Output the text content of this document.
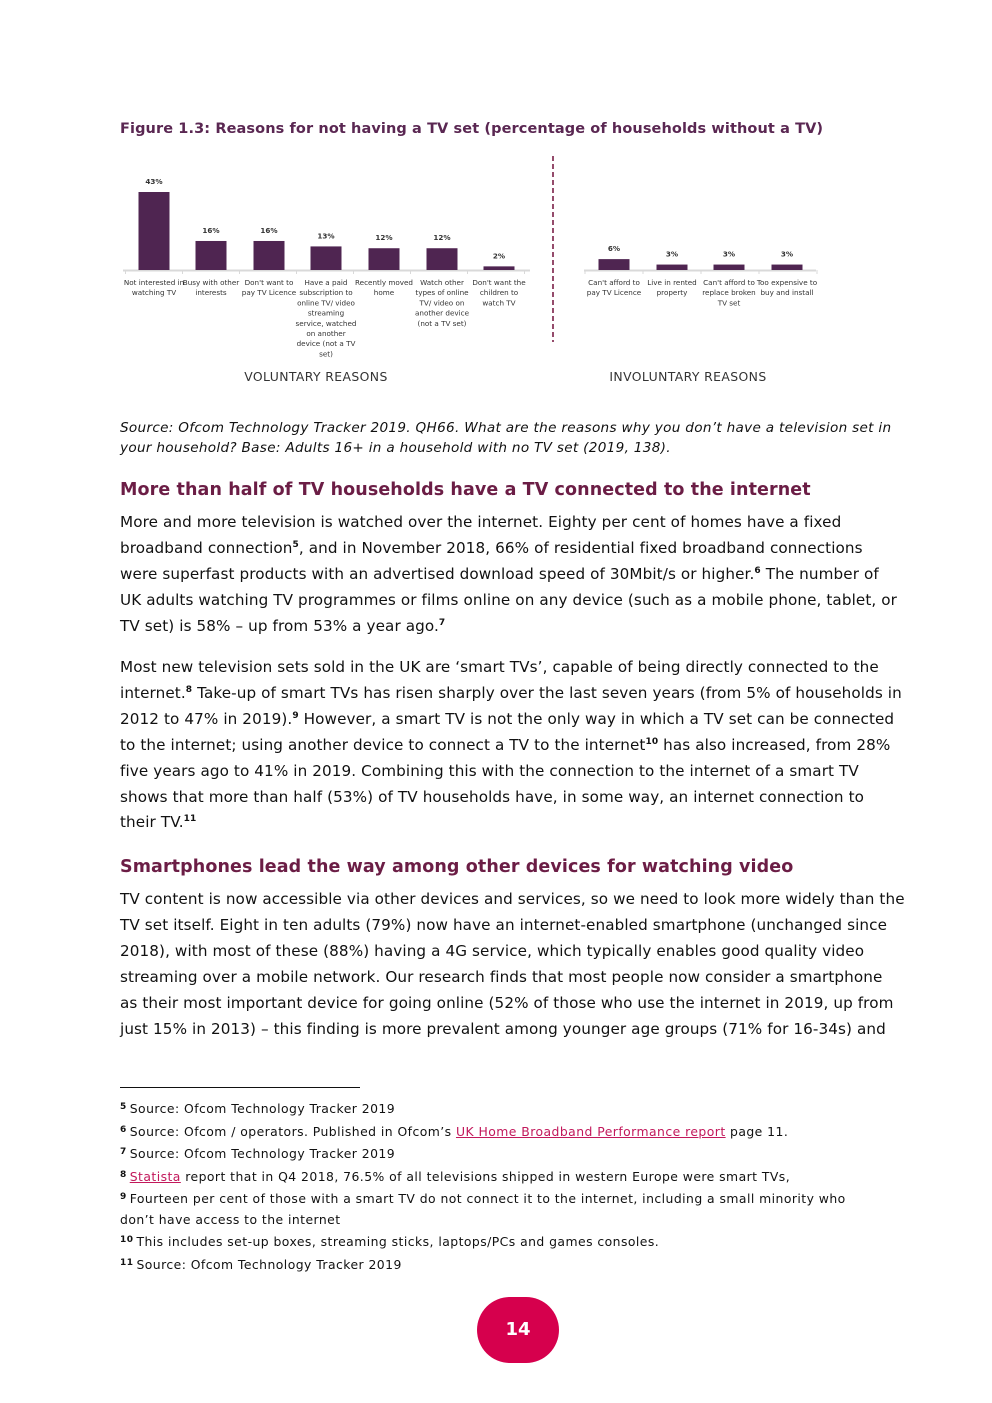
Figure 1.3: Reasons for not having a TV set (percentage of households without a TV)
43%
Not interested in
watching TV
16%
Busy with other
interests
16%
Don't want to
pay TV Licence
13%
Have a paid
subscription to
online TV/ video
streaming
service, watched
on another
device (not a TV
set)
12%
Recently moved
home
12%
Watch other
types of online
TV/ video on
another device
(not a TV set)
2%
Don't want the
children to
watch TV
VOLUNTARY REASONS
6%
Can't afford to
pay TV Licence
3%
Live in rented
property
3%
Can't afford to
replace broken
TV set
3%
Too expensive to
buy and install
INVOLUNTARY REASONS
Source: Ofcom Technology Tracker 2019. QH66. What are the reasons why you don’t have a television set in
your household? Base: Adults 16+ in a household with no TV set (2019, 138).
More than half of TV households have a TV connected to the internet
More and more television is watched over the internet. Eighty per cent of homes have a fixed
broadband connection$^5$, and in November 2018, 66% of residential fixed broadband connections
were superfast products with an advertised download speed of 30Mbit/s or higher.$^6$ The number of
UK adults watching TV programmes or films online on any device (such as a mobile phone, tablet, or
TV set) is 58% – up from 53% a year ago.$^7$
Most new television sets sold in the UK are ‘smart TVs’, capable of being directly connected to the
internet.$^8$ Take-up of smart TVs has risen sharply over the last seven years (from 5% of households in
2012 to 47% in 2019).$^9$ However, a smart TV is not the only way in which a TV set can be connected
to the internet; using another device to connect a TV to the internet$^{10}$ has also increased, from 28%
five years ago to 41% in 2019. Combining this with the connection to the internet of a smart TV
shows that more than half (53%) of TV households have, in some way, an internet connection to
their TV.$^{11}$
Smartphones lead the way among other devices for watching video
TV content is now accessible via other devices and services, so we need to look more widely than the
TV set itself. Eight in ten adults (79%) now have an internet-enabled smartphone (unchanged since
2018), with most of these (88%) having a 4G service, which typically enables good quality video
streaming over a mobile network. Our research finds that most people now consider a smartphone
as their most important device for going online (52% of those who use the internet in 2019, up from
just 15% in 2013) – this finding is more prevalent among younger age groups (71% for 16-34s) and
$^5$ Source: Ofcom Technology Tracker 2019
$^6$ Source: Ofcom / operators. Published in Ofcom’s UK Home Broadband Performance report page 11.
$^7$ Source: Ofcom Technology Tracker 2019
$^8$ Statista report that in Q4 2018, 76.5% of all televisions shipped in western Europe were smart TVs,
$^9$ Fourteen per cent of those with a smart TV do not connect it to the internet, including a small minority who
don’t have access to the internet
$^{10}$ This includes set-up boxes, streaming sticks, laptops/PCs and games consoles.
$^{11}$ Source: Ofcom Technology Tracker 2019
14
